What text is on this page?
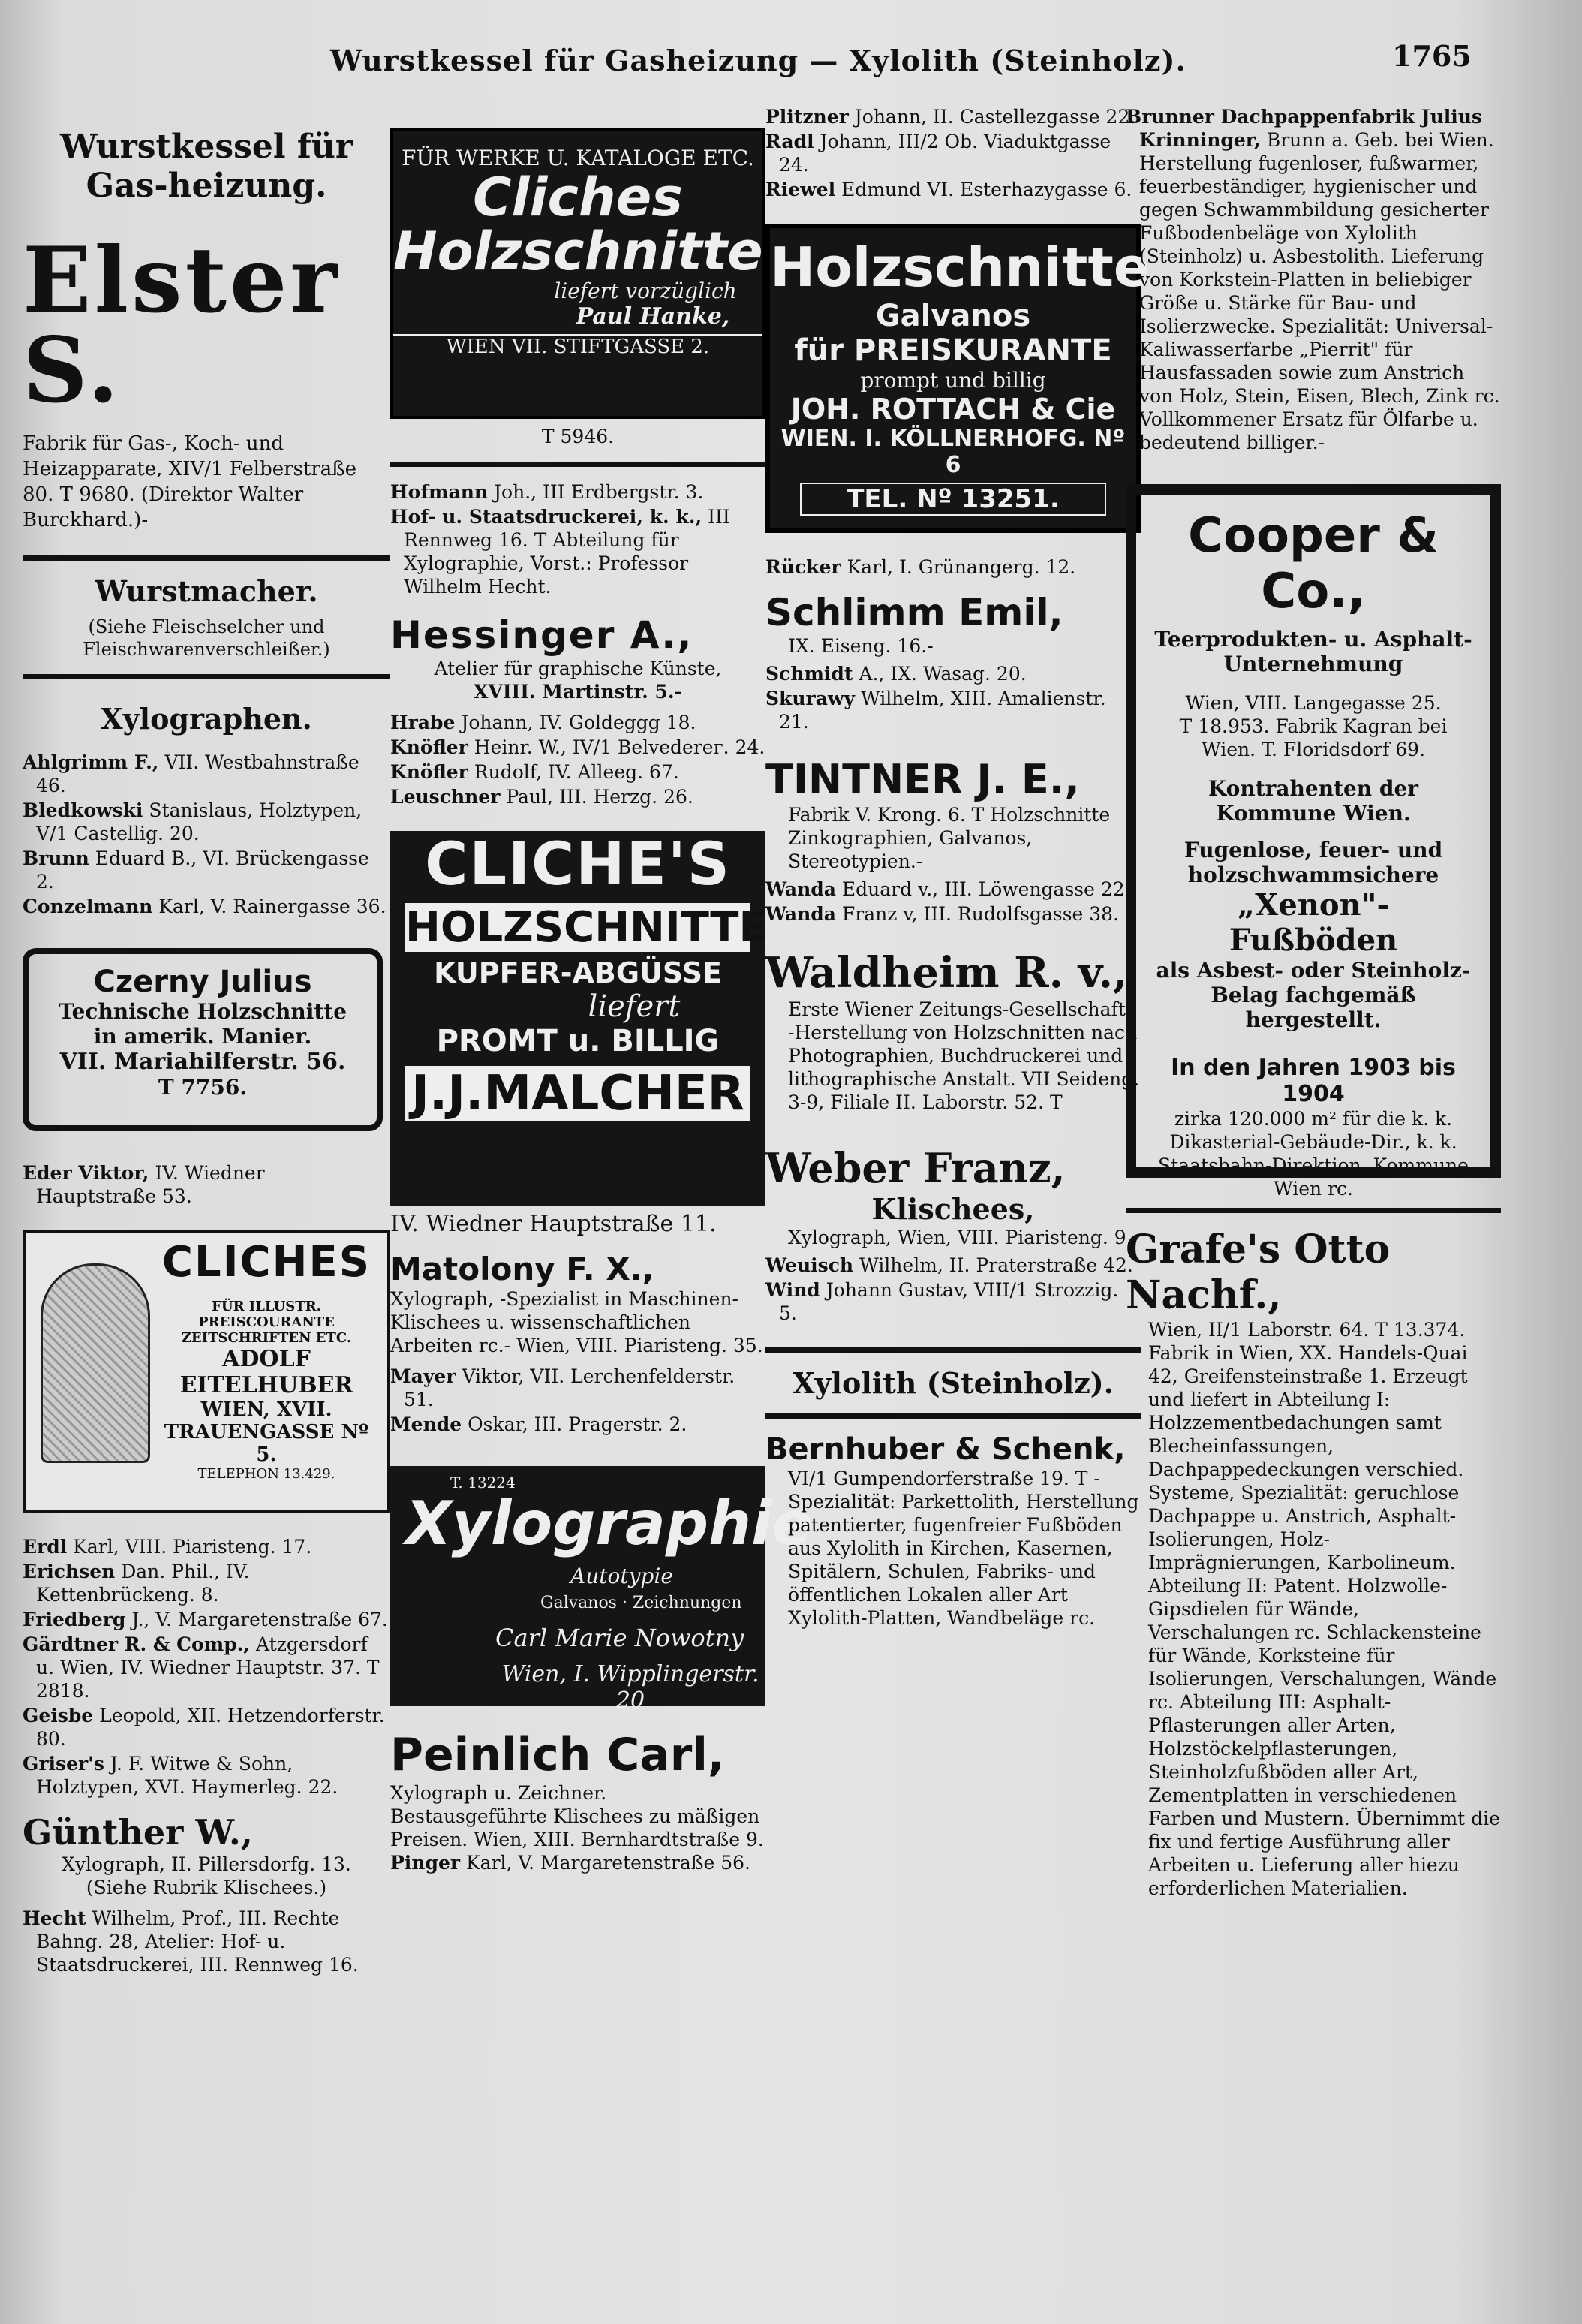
Wurstkessel für Gasheizung — Xylolith (Steinholz).	1765
Wurstkessel für Gas-heizung.
Elster S.

Fabrik für Gas-, Koch- und Heizapparate, XIV/1 Felberstraße 80. T 9680. (Direktor Walter Burckhard.)-

Wurstmacher.
(Siehe Fleischselcher und Fleischwarenverschleißer.)
Xylographen.

Ahlgrimm F., VII. Westbahnstraße 46.

Bledkowski Stanislaus, Holztypen, V/1 Castellig. 20.

Brunn Eduard B., VI. Brückengasse 2.

Conzelmann Karl, V. Rainergasse 36.

Czerny Julius
Technische Holzschnitte
in amerik. Manier.
VII. Mariahilferstr. 56.
T 7756.

Eder Viktor, IV. Wiedner Hauptstraße 53.

CLICHES
FÜR ILLUSTR. PREISCOURANTE
ZEITSCHRIFTEN ETC.
ADOLF EITELHUBER
WIEN, XVII.
TRAUENGASSE Nº 5.
TELEPHON 13.429.

Erdl Karl, VIII. Piaristeng. 17.

Erichsen Dan. Phil., IV. Kettenbrückeng. 8.

Friedberg J., V. Margaretenstraße 67.

Gärdtner R. & Comp., Atzgersdorf u. Wien, IV. Wiedner Hauptstr. 37. T 2818.

Geisbe Leopold, XII. Hetzendorferstr. 80.

Griser's J. F. Witwe & Sohn, Holztypen, XVI. Haymerleg. 22.

Günther W.,
Xylograph, II. Pillersdorfg. 13.
(Siehe Rubrik Klischees.)

Hecht Wilhelm, Prof., III. Rechte Bahng. 28, Atelier: Hof- u. Staatsdruckerei, III. Rennweg 16.

FÜR WERKE U. KATALOGE ETC.
Cliches
Holzschnitte
liefert vorzüglich
Paul Hanke,
WIEN VII. STIFTGASSE 2.
T 5946.

Hofmann Joh., III Erdbergstr. 3.

Hof- u. Staatsdruckerei, k. k., III Rennweg 16. T Abteilung für Xylographie, Vorst.: Professor Wilhelm Hecht.

Hessinger A.,
Atelier für graphische Künste,
XVIII. Martinstr. 5.-

Hrabe Johann, IV. Goldeggg 18.

Knöfler Heinr. W., IV/1 Belvederег. 24.

Knöfler Rudolf, IV. Alleeg. 67.

Leuschner Paul, III. Herzg. 26.

CLICHE'S
HOLZSCHNITTE
KUPFER-ABGÜSSE
liefert
PROMT u. BILLIG
J.J.MALCHER
IV. Wiedner Hauptstraße 11.
Matolony F. X.,

Xylograph, -Spezialist in Maschinen-Klischees u. wissenschaftlichen Arbeiten rc.- Wien, VIII. Piaristeng. 35.

Mayer Viktor, VII. Lerchenfelderstr. 51.

Mende Oskar, III. Pragerstr. 2.

T. 13224
Xylographie
Autotypie
Galvanos · Zeichnungen
Carl Marie Nowotny
Wien, I. Wipplingerstr. 20
Peinlich Carl,

Xylograph u. Zeichner. Bestausgeführte Klischees zu mäßigen Preisen. Wien, XIII. Bernhardtstraße 9.

Pinger Karl, V. Margaretenstraße 56.

Plitzner Johann, II. Castellezgasse 22.

Radl Johann, III/2 Ob. Viaduktgasse 24.

Riewel Edmund VI. Esterhazygasse 6.

Holzschnitte
Galvanos
für PREISKURANTE
prompt und billig
JOH. ROTTACH & Cie
WIEN. I. KÖLLNERHOFG. Nº 6
TEL. Nº 13251.

Rücker Karl, I. Grünangerg. 12.

Schlimm Emil,
IX. Eiseng. 16.-

Schmidt A., IX. Wasag. 20.

Skurawy Wilhelm, XIII. Amalienstr. 21.

TINTNER J. E.,

Fabrik V. Krong. 6. T Holzschnitte Zinkographien, Galvanos, Stereotypien.-

Wanda Eduard v., III. Löwengasse 22.

Wanda Franz v, III. Rudolfsgasse 38.

Waldheim R. v.,

Erste Wiener Zeitungs-Gesellschaft. -Herstellung von Holzschnitten nach Photographien, Buchdruckerei und lithographische Anstalt. VII Seideng. 3-9, Filiale II. Laborstr. 52. T

Weber Franz,
Klischees,

Xylograph, Wien, VIII. Piaristeng. 9.-

Weuisch Wilhelm, II. Praterstraße 42.

Wind Johann Gustav, VIII/1 Strozzig. 5.

Xylolith (Steinholz).
Bernhuber & Schenk,

VI/1 Gumpendorferstraße 19. T -Spezialität: Parkettolith, Herstellung patentierter, fugenfreier Fußböden aus Xylolith in Kirchen, Kasernen, Spitälern, Schulen, Fabriks- und öffentlichen Lokalen aller Art Xylolith-Platten, Wandbeläge rc.

Brunner Dachpappenfabrik Julius Krinninger, Brunn a. Geb. bei Wien. Herstellung fugenloser, fußwarmer, feuerbeständiger, hygienischer und gegen Schwammbildung gesicherter Fußbodenbeläge von Xylolith (Steinholz) u. Asbestolith. Lieferung von Korkstein-Platten in beliebiger Größe u. Stärke für Bau- und Isolierzwecke. Spezialität: Universal-Kaliwasserfarbe „Pierrit" für Hausfassaden sowie zum Anstrich von Holz, Stein, Eisen, Blech, Zink rc. Vollkommener Ersatz für Ölfarbe u. bedeutend billiger.-

Cooper & Co.,
Teerprodukten- u. Asphalt-Unternehmung
Wien, VIII. Langegasse 25.
T 18.953. Fabrik Kagran bei Wien. T. Floridsdorf 69.
Kontrahenten der Kommune Wien.
Fugenlose, feuer- und holzschwammsichere
„Xenon"- Fußböden
als Asbest- oder Steinholz-Belag fachgemäß hergestellt.
In den Jahren 1903 bis 1904
zirka 120.000 m² für die k. k. Dikasterial-Gebäude-Dir., k. k. Staatsbahn-Direktion, Kommune Wien rc.
Grafe's Otto Nachf.,

Wien, II/1 Laborstr. 64. T 13.374. Fabrik in Wien, XX. Handels-Quai 42, Greifensteinstraße 1. Erzeugt und liefert in Abteilung I: Holzzementbedachungen samt Blecheinfassungen, Dachpappedeckungen verschied. Systeme, Spezialität: geruchlose Dachpappe u. Anstrich, Asphalt-Isolierungen, Holz-Imprägnierungen, Karbolineum. Abteilung II: Patent. Holzwolle-Gipsdielen für Wände, Verschalungen rc. Schlackensteine für Wände, Korksteine für Isolierungen, Verschalungen, Wände rc. Abteilung III: Asphalt-Pflasterungen aller Arten, Holzstöckelpflasterungen, Steinholzfußböden aller Art, Zementplatten in verschiedenen Farben und Mustern. Übernimmt die fix und fertige Ausführung aller Arbeiten u. Lieferung aller hiezu erforderlichen Materialien.
